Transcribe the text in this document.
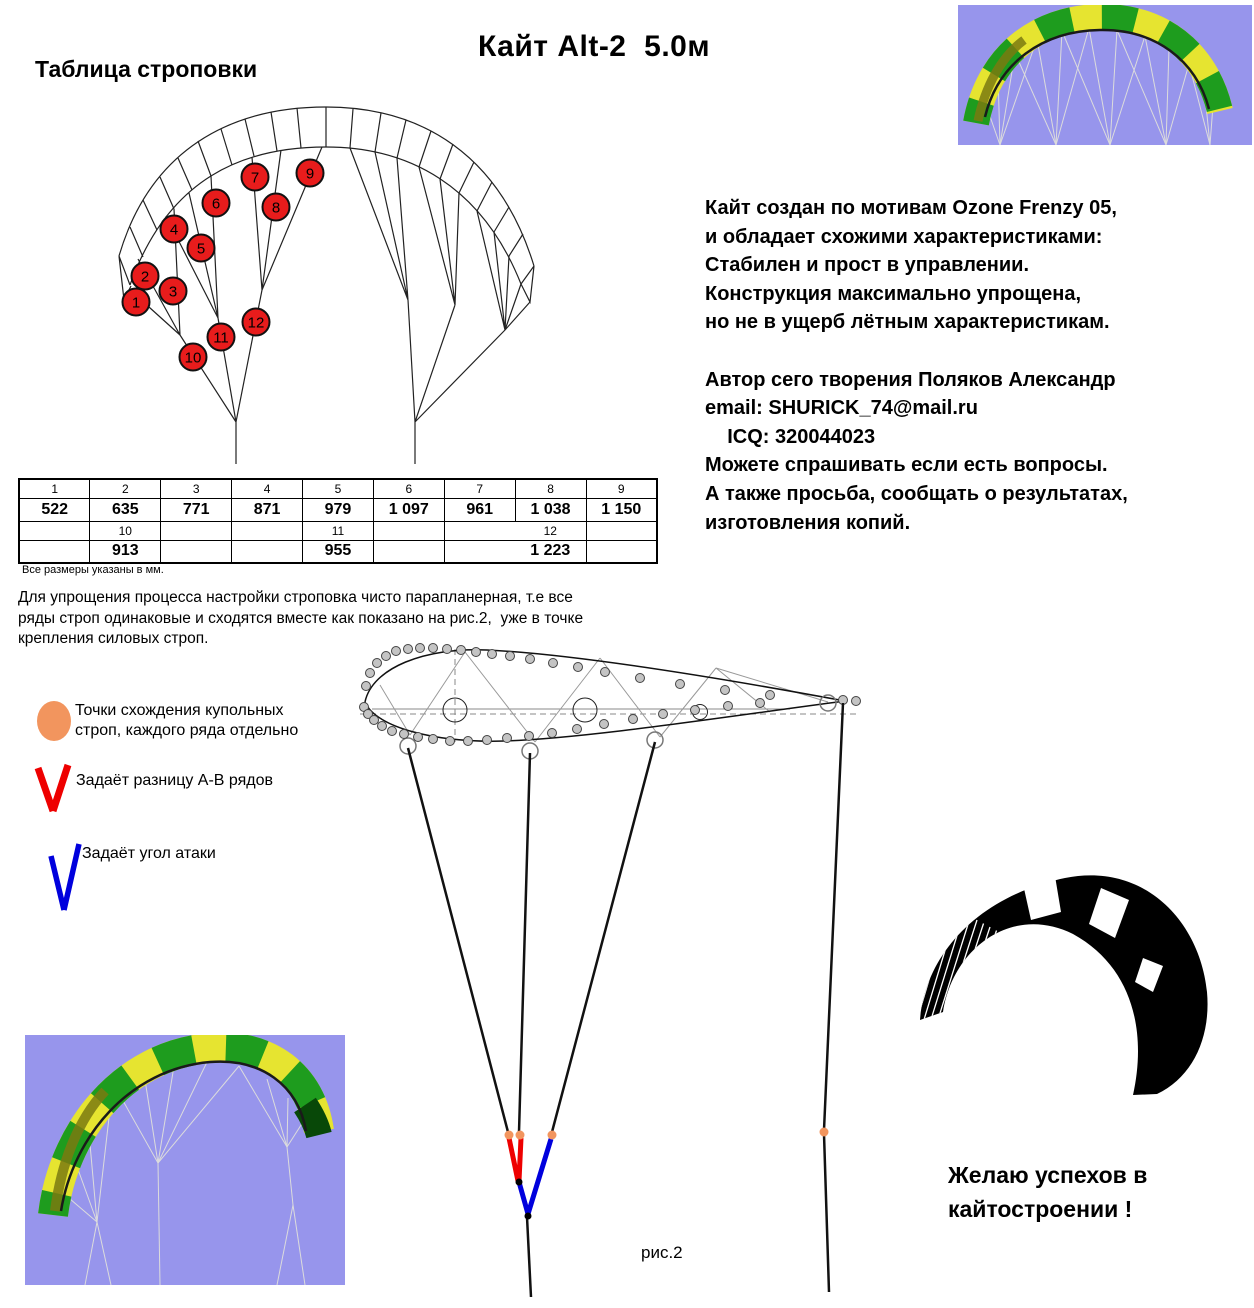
Кайт Alt-2  5.0м
Таблица строповки
1
2
3
4
5
6
7
8
9
10
11
12
1	2	3	4	5	6	7	8	9
522	635	771	871	979	1 097	961	1 038	1 150
	10			11			12	
	913			955			1 223	
Все размеры указаны в мм.
Кайт создан по мотивам Ozone Frenzy 05,
и обладает схожими характеристиками:
Стабилен и прост в управлении.
Конструкция максимально упрощена,
но не в ущерб лётным характеристикам.
Автор сего творения Поляков Александр
email: SHURICK_74@mail.ru
ICQ: 320044023
Можете спрашивать если есть вопросы.
А также просьба, сообщать о результатах,
изготовления копий.
Для упрощения процесса настройки строповка чисто парапланерная, т.е все
ряды строп одинаковые и сходятся вместе как показано на рис.2,  уже в точке
крепления силовых строп.
Точки схождения купольных
строп, каждого ряда отдельно
Задаёт разницу А-В рядов
Задаёт угол атаки
рис.2
Желаю успехов в
кайтостроении !
